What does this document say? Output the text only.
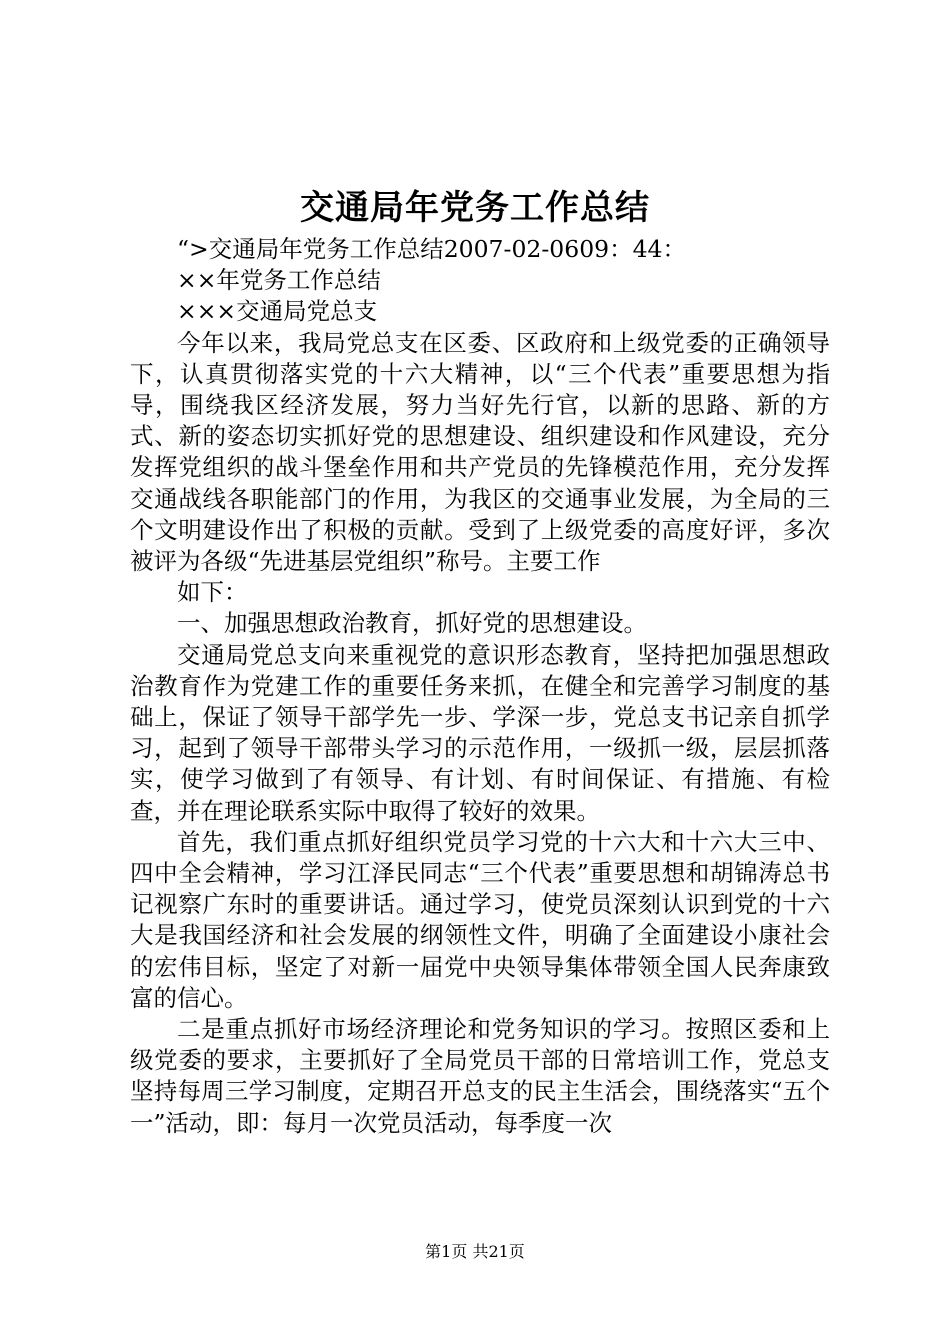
交通局年党务工作总结

“>交通局年党务工作总结2007-02-0609：44：

××年党务工作总结

×××交通局党总支

今年以来，我局党总支在区委、区政府和上级党委的正确领导下，认真贯彻落实党的十六大精神，以“三个代表”重要思想为指导，围绕我区经济发展，努力当好先行官，以新的思路、新的方式、新的姿态切实抓好党的思想建设、组织建设和作风建设，充分发挥党组织的战斗堡垒作用和共产党员的先锋模范作用，充分发挥交通战线各职能部门的作用，为我区的交通事业发展，为全局的三个文明建设作出了积极的贡献。受到了上级党委的高度好评，多次被评为各级“先进基层党组织”称号。主要工作

如下：

一、加强思想政治教育，抓好党的思想建设。

交通局党总支向来重视党的意识形态教育，坚持把加强思想政治教育作为党建工作的重要任务来抓，在健全和完善学习制度的基础上，保证了领导干部学先一步、学深一步，党总支书记亲自抓学习，起到了领导干部带头学习的示范作用，一级抓一级，层层抓落实，使学习做到了有领导、有计划、有时间保证、有措施、有检查，并在理论联系实际中取得了较好的效果。

首先，我们重点抓好组织党员学习党的十六大和十六大三中、四中全会精神，学习江泽民同志“三个代表”重要思想和胡锦涛总书记视察广东时的重要讲话。通过学习，使党员深刻认识到党的十六大是我国经济和社会发展的纲领性文件，明确了全面建设小康社会的宏伟目标，坚定了对新一届党中央领导集体带领全国人民奔康致富的信心。

二是重点抓好市场经济理论和党务知识的学习。按照区委和上级党委的要求，主要抓好了全局党员干部的日常培训工作，党总支坚持每周三学习制度，定期召开总支的民主生活会，围绕落实“五个一”活动，即：每月一次党员活动，每季度一次

第1页 共21页
